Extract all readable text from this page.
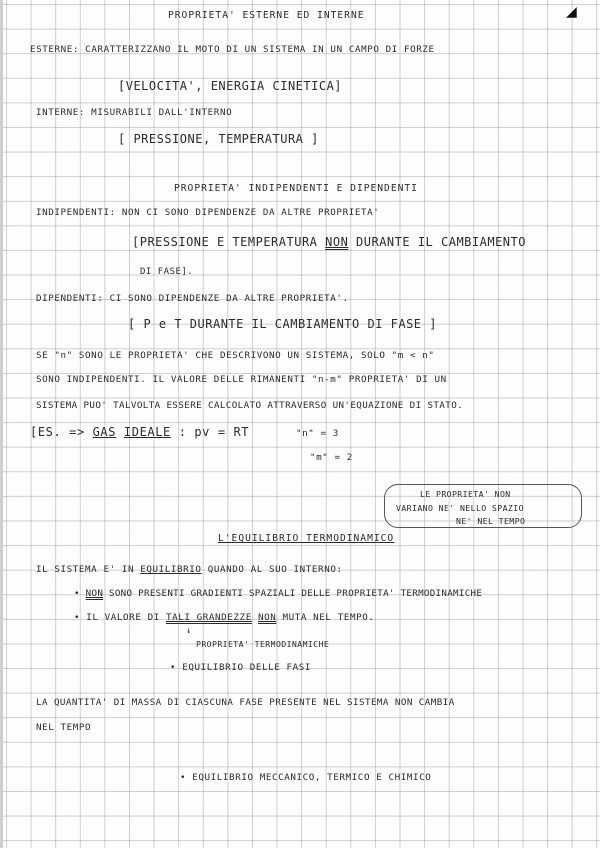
◢
PROPRIETA' ESTERNE ED INTERNE
ESTERNE: CARATTERIZZANO IL MOTO DI UN SISTEMA IN UN CAMPO DI FORZE
[VELOCITA', ENERGIA CINETICA]
INTERNE: MISURABILI DALL'INTERNO
[ PRESSIONE, TEMPERATURA ]
PROPRIETA' INDIPENDENTI E DIPENDENTI
INDIPENDENTI: NON CI SONO DIPENDENZE DA ALTRE PROPRIETA'
[PRESSIONE E TEMPERATURA NON DURANTE IL CAMBIAMENTO
DI FASE].
DIPENDENTI: CI SONO DIPENDENZE DA ALTRE PROPRIETA'.
[ P e T DURANTE IL CAMBIAMENTO DI FASE ]
SE "n" SONO LE PROPRIETA' CHE DESCRIVONO UN SISTEMA, SOLO "m < n"
SONO INDIPENDENTI. IL VALORE DELLE RIMANENTI "n-m" PROPRIETA' DI UN
SISTEMA PUO' TALVOLTA ESSERE CALCOLATO ATTRAVERSO UN'EQUAZIONE DI STATO.
[ES. => GAS IDEALE : pv = RT	"n" = 3
"m" = 2
LE PROPRIETA' NON
VARIANO NE' NELLO SPAZIO
NE' NEL TEMPO
L'EQUILIBRIO TERMODINAMICO
IL SISTEMA E' IN EQUILIBRIO QUANDO AL SUO INTERNO:
• NON SONO PRESENTI GRADIENTI SPAZIALI DELLE PROPRIETA' TERMODINAMICHE
• IL VALORE DI TALI GRANDEZZE NON MUTA NEL TEMPO.
↓
PROPRIETA' TERMODINAMICHE
• EQUILIBRIO DELLE FASI
LA QUANTITA' DI MASSA DI CIASCUNA FASE PRESENTE NEL SISTEMA NON CAMBIA
NEL TEMPO
• EQUILIBRIO MECCANICO, TERMICO E CHIMICO
